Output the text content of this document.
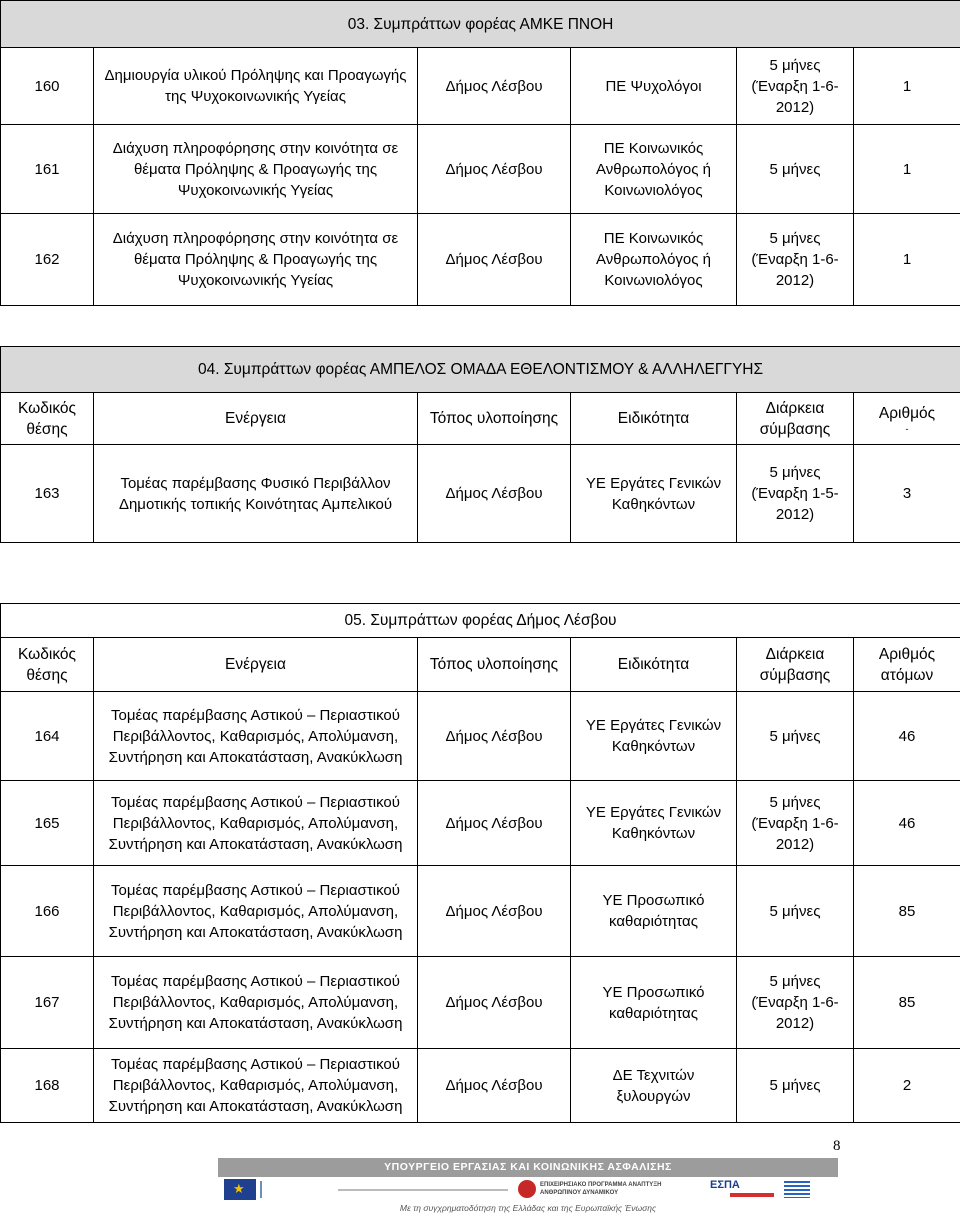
03. Συμπράττων φορέας ΑΜΚΕ ΠΝΟΗ					
160	Δημιουργία υλικού Πρόληψης και Προαγωγής της Ψυχοκοινωνικής Υγείας	Δήμος Λέσβου	ΠΕ Ψυχολόγοι	5 μήνες (Έναρξη 1-6-2012)	1
161	Διάχυση πληροφόρησης στην κοινότητα σε θέματα Πρόληψης & Προαγωγής της Ψυχοκοινωνικής Υγείας	Δήμος Λέσβου	ΠΕ Κοινωνικός Ανθρωπολόγος ή Κοινωνιολόγος	5 μήνες	1
162	Διάχυση πληροφόρησης στην κοινότητα σε θέματα Πρόληψης & Προαγωγής της Ψυχοκοινωνικής Υγείας	Δήμος Λέσβου	ΠΕ Κοινωνικός Ανθρωπολόγος ή Κοινωνιολόγος	5 μήνες (Έναρξη 1-6-2012)	1
04. Συμπράττων φορέας ΑΜΠΕΛΟΣ ΟΜΑΔΑ ΕΘΕΛΟΝΤΙΣΜΟΥ & ΑΛΛΗΛΕΓΓΥΗΣ					
Κωδικός θέσης	Ενέργεια	Τόπος υλοποίησης	Ειδικότητα	Διάρκεια σύμβασης	Αριθμός
-

163	Τομέας παρέμβασης Φυσικό Περιβάλλον Δημοτικής τοπικής Κοινότητας Αμπελικού	Δήμος Λέσβου	ΥΕ Εργάτες Γενικών Καθηκόντων	5 μήνες (Έναρξη 1-5-2012)	3
05. Συμπράττων φορέας Δήμος Λέσβου					
Κωδικός θέσης	Ενέργεια	Τόπος υλοποίησης	Ειδικότητα	Διάρκεια σύμβασης	Αριθμός ατόμων
164	Τομέας παρέμβασης Αστικού – Περιαστικού Περιβάλλοντος, Καθαρισμός, Απολύμανση, Συντήρηση και Αποκατάσταση, Ανακύκλωση	Δήμος Λέσβου	ΥΕ Εργάτες Γενικών Καθηκόντων	5 μήνες	46
165	Τομέας παρέμβασης Αστικού – Περιαστικού Περιβάλλοντος, Καθαρισμός, Απολύμανση, Συντήρηση και Αποκατάσταση, Ανακύκλωση	Δήμος Λέσβου	ΥΕ Εργάτες Γενικών Καθηκόντων	5 μήνες (Έναρξη 1-6-2012)	46
166	Τομέας παρέμβασης Αστικού – Περιαστικού Περιβάλλοντος, Καθαρισμός, Απολύμανση, Συντήρηση και Αποκατάσταση, Ανακύκλωση	Δήμος Λέσβου	ΥΕ Προσωπικό καθαριότητας	5 μήνες	85
167	Τομέας παρέμβασης Αστικού – Περιαστικού Περιβάλλοντος, Καθαρισμός, Απολύμανση, Συντήρηση και Αποκατάσταση, Ανακύκλωση	Δήμος Λέσβου	ΥΕ Προσωπικό καθαριότητας	5 μήνες (Έναρξη 1-6-2012)	85
168	Τομέας παρέμβασης Αστικού – Περιαστικού Περιβάλλοντος, Καθαρισμός, Απολύμανση, Συντήρηση και Αποκατάσταση, Ανακύκλωση	Δήμος Λέσβου	ΔΕ Τεχνιτών ξυλουργών	5 μήνες	2
8
ΥΠΟΥΡΓΕΙΟ ΕΡΓΑΣΙΑΣ ΚΑΙ ΚΟΙΝΩΝΙΚΗΣ ΑΣΦΑΛΙΣΗΣ
★	ΕΠΙΧΕΙΡΗΣΙΑΚΟ ΠΡΟΓΡΑΜΜΑ ΑΝΑΠΤΥΞΗ ΑΝΘΡΩΠΙΝΟΥ ΔΥΝΑΜΙΚΟΥ
ΕΣΠΑ
Με τη συγχρηματοδότηση της Ελλάδας και της Ευρωπαϊκής Ένωσης
